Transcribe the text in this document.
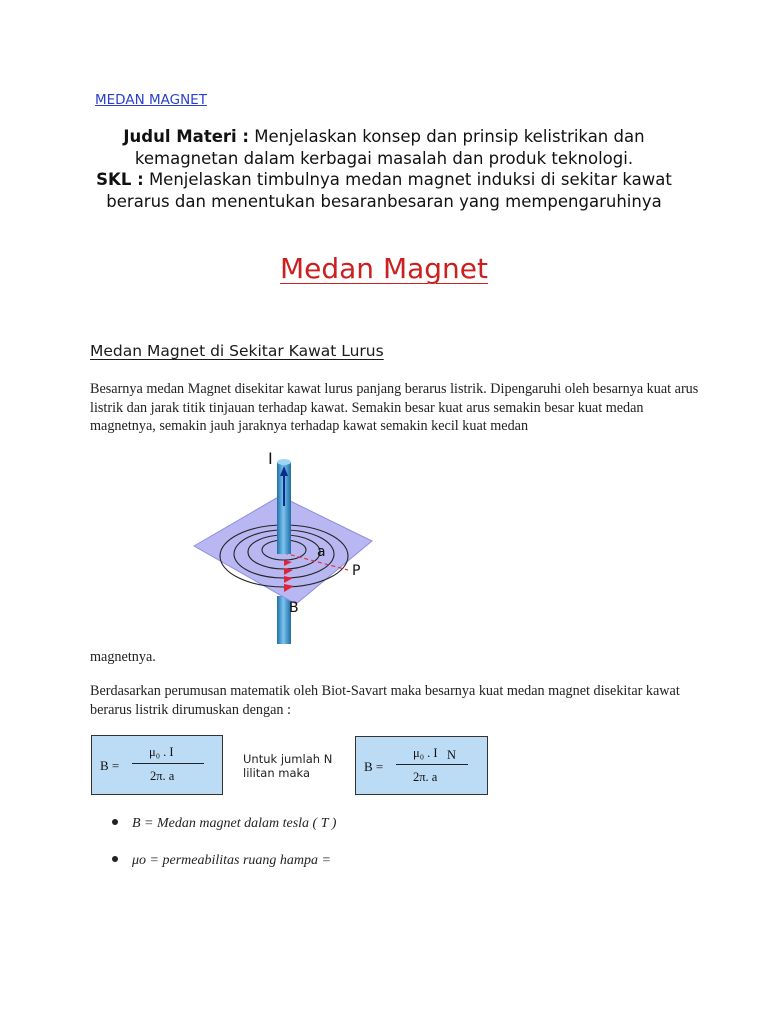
MEDAN MAGNET
Judul Materi : Menjelaskan konsep dan prinsip kelistrikan dan kemagnetan dalam kerbagai masalah dan produk teknologi.
SKL : Menjelaskan timbulnya medan magnet induksi di sekitar kawat berarus dan menentukan besaranbesaran yang mempengaruhinya
Medan Magnet
Medan Magnet di Sekitar Kawat Lurus
Besarnya medan Magnet disekitar kawat lurus panjang berarus listrik. Dipengaruhi oleh besarnya kuat arus listrik dan jarak titik tinjauan terhadap kawat. Semakin besar kuat arus semakin besar kuat medan magnetnya, semakin jauh jaraknya terhadap kawat semakin kecil kuat medan
I
a
P
B
magnetnya.
Berdasarkan perumusan matematik oleh Biot-Savart maka besarnya kuat medan magnet disekitar kawat berarus listrik dirumuskan dengan :
B =
μ₀ . I
2π. a
Untuk jumlah N
lilitan maka	B =
μ₀ . I N
2π. a
B = Medan magnet dalam tesla ( T )
μo = permeabilitas ruang hampa =
